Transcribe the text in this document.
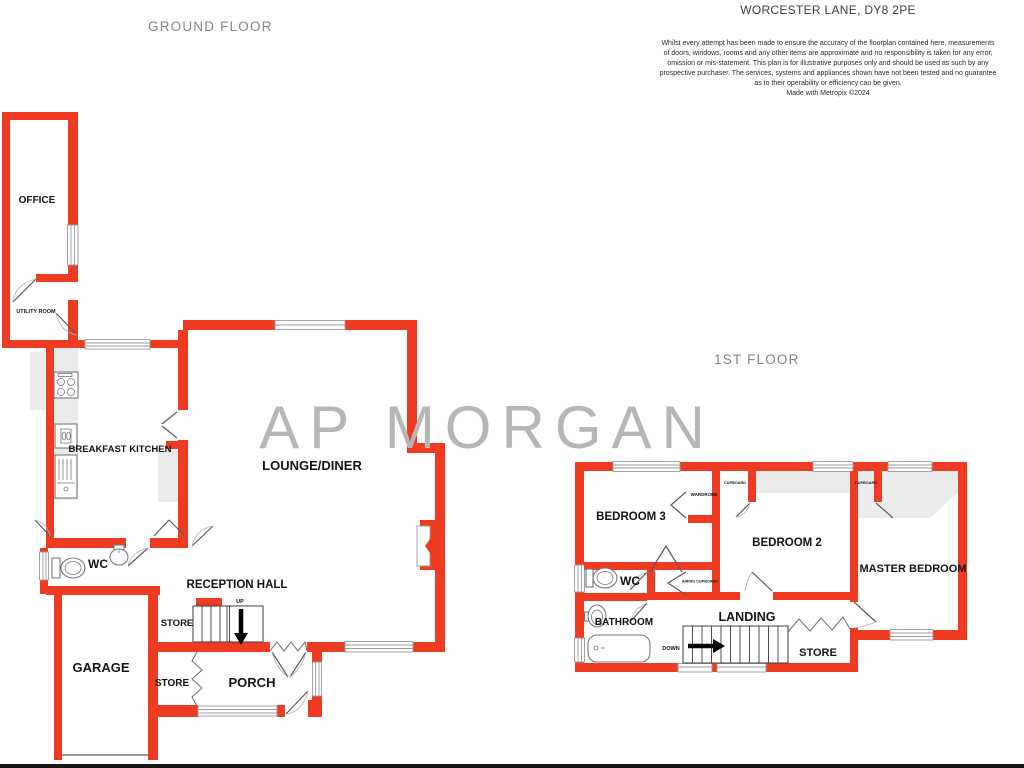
GROUND FLOOR
1ST FLOOR
WORCESTER LANE, DY8 2PE
Whilst every attempt has been made to ensure the accuracy of the floorplan contained here, measurements
of doors, windows, rooms and any other items are approximate and no responsibility is taken for any error,
omission or mis-statement. This plan is for illustrative purposes only and should be used as such by any
prospective purchaser. The services, systems and appliances shown have not been tested and no guarantee
as to their operability or efficiency can be given.
Made with Metropix ©2024
OFFICE
UTILITY ROOM
BREAKFAST KITCHEN
LOUNGE/DINER
WC
RECEPTION HALL
UP
STORE
GARAGE
STORE	PORCH
BEDROOM 3
WARDROBE
CUPBOARD
BEDROOM 2
CUPBOARD
MASTER BEDROOM
WC	AIRING CUPBOARD
LANDING
DOWN
BATHROOM
STORE
AP MORGAN
